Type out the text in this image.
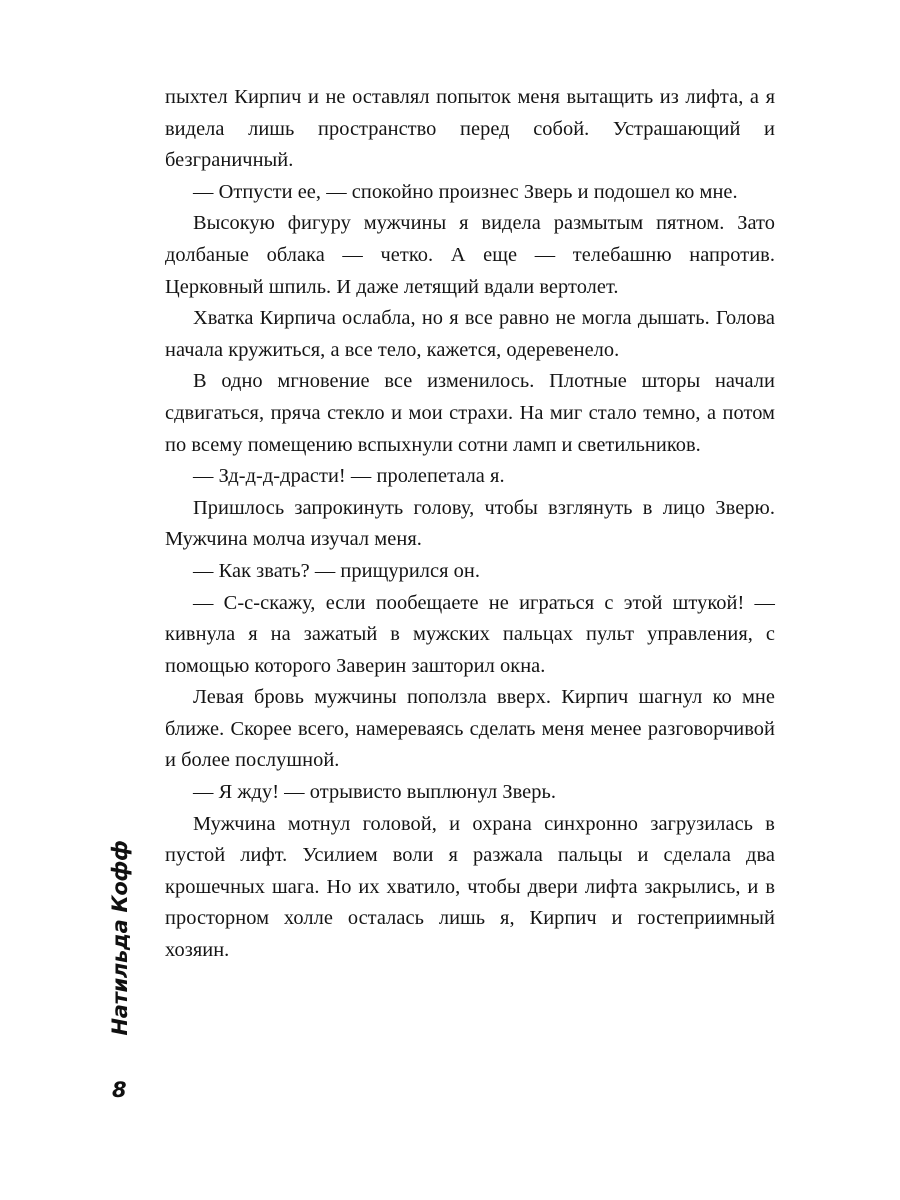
пыхтел Кирпич и не оставлял попыток меня вытащить из лифта, а я видела лишь пространство перед собой. Устрашающий и безграничный.

— Отпусти ее, — спокойно произнес Зверь и подошел ко мне.

Высокую фигуру мужчины я видела размытым пятном. Зато долбаные облака — четко. А еще — телебашню напротив. Церковный шпиль. И даже летящий вдали вертолет.

Хватка Кирпича ослабла, но я все равно не могла дышать. Голова начала кружиться, а все тело, кажется, одеревенело.

В одно мгновение все изменилось. Плотные шторы начали сдвигаться, пряча стекло и мои страхи. На миг стало темно, а потом по всему помещению вспыхнули сотни ламп и светильников.

— Зд-д-д-драсти! — пролепетала я.

Пришлось запрокинуть голову, чтобы взглянуть в лицо Зверю. Мужчина молча изучал меня.

— Как звать? — прищурился он.

— С-с-скажу, если пообещаете не играться с этой штукой! — кивнула я на зажатый в мужских пальцах пульт управления, с помощью которого Заверин зашторил окна.

Левая бровь мужчины поползла вверх. Кирпич шагнул ко мне ближе. Скорее всего, намереваясь сделать меня менее разговорчивой и более послушной.

— Я жду! — отрывисто выплюнул Зверь.

Мужчина мотнул головой, и охрана синхронно загрузилась в пустой лифт. Усилием воли я разжала пальцы и сделала два крошечных шага. Но их хватило, чтобы двери лифта закрылись, и в просторном холле осталась лишь я, Кирпич и гостеприимный хозяин.

Натильда Кофф
8
